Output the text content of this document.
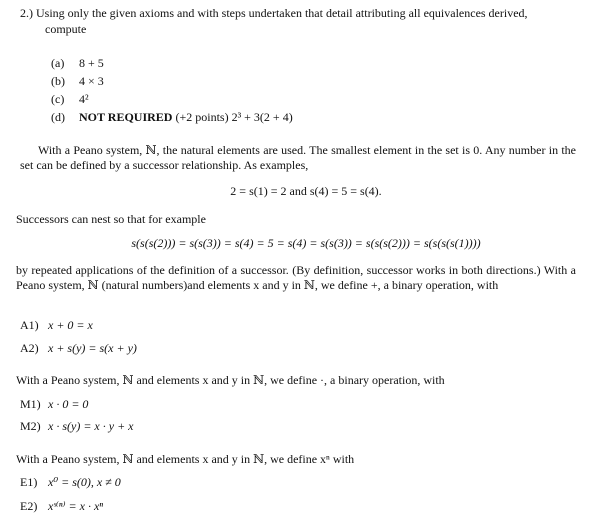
2.) Using only the given axioms and with steps undertaken that detail attributing all equivalences derived,
compute
(a) 8 + 5
(b) 4 × 3
(c) 4²
(d) NOT REQUIRED (+2 points) 2³ + 3(2 + 4)
With a Peano system, ℕ, the natural elements are used. The smallest element in the set is 0. Any number in the set can be defined by a successor relationship. As examples,
2 = s(1) = 2 and s(4) = 5 = s(4).
Successors can nest so that for example
s(s(s(2))) = s(s(3)) = s(4) = 5 = s(4) = s(s(3)) = s(s(s(2))) = s(s(s(s(1))))
by repeated applications of the definition of a successor. (By definition, successor works in both directions.) With a Peano system, ℕ (natural numbers)and elements x and y in ℕ, we define +, a binary operation, with
A1) x + 0 = x
A2) x + s(y) = s(x + y)
With a Peano system, ℕ and elements x and y in ℕ, we define ·, a binary operation, with
M1) x · 0 = 0
M2) x · s(y) = x · y + x
With a Peano system, ℕ and elements x and y in ℕ, we define xⁿ with
E1) x⁰ = s(0), x ≠ 0
E2) xˢ⁽ⁿ⁾ = x · xⁿ
